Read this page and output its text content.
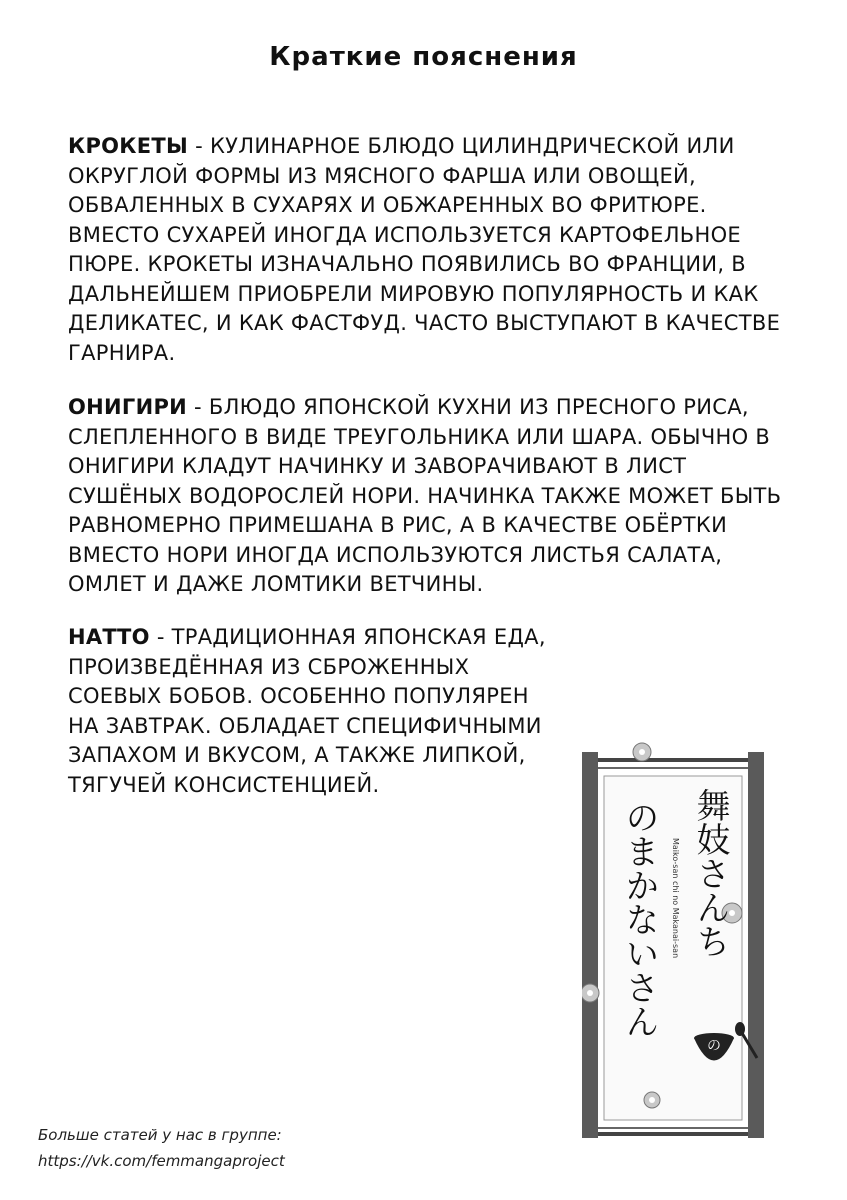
Краткие пояснения
КРОКЕТЫ - КУЛИНАРНОЕ БЛЮДО ЦИЛИНДРИЧЕСКОЙ ИЛИ ОКРУГЛОЙ ФОРМЫ ИЗ МЯСНОГО ФАРША ИЛИ ОВОЩЕЙ, ОБВАЛЕННЫХ В СУХАРЯХ И ОБЖАРЕННЫХ ВО ФРИТЮРЕ. ВМЕСТО СУХАРЕЙ ИНОГДА ИСПОЛЬЗУЕТСЯ КАРТОФЕЛЬНОЕ ПЮРЕ. КРОКЕТЫ ИЗНАЧАЛЬНО ПОЯВИЛИСЬ ВО ФРАНЦИИ, В ДАЛЬНЕЙШЕМ ПРИОБРЕЛИ МИРОВУЮ ПОПУЛЯРНОСТЬ И КАК ДЕЛИКАТЕС, И КАК ФАСТФУД. ЧАСТО ВЫСТУПАЮТ В КАЧЕСТВЕ ГАРНИРА.
ОНИГИРИ - БЛЮДО ЯПОНСКОЙ КУХНИ ИЗ ПРЕСНОГО РИСА, СЛЕПЛЕННОГО В ВИДЕ ТРЕУГОЛЬНИКА ИЛИ ШАРА. ОБЫЧНО В ОНИГИРИ КЛАДУТ НАЧИНКУ И ЗАВОРАЧИВАЮТ В ЛИСТ СУШЁНЫХ ВОДОРОСЛЕЙ НОРИ. НАЧИНКА ТАКЖЕ МОЖЕТ БЫТЬ РАВНОМЕРНО ПРИМЕШАНА В РИС, А В КАЧЕСТВЕ ОБЁРТКИ ВМЕСТО НОРИ ИНОГДА ИСПОЛЬЗУЮТСЯ ЛИСТЬЯ САЛАТА, ОМЛЕТ И ДАЖЕ ЛОМТИКИ ВЕТЧИНЫ.
НАТТО - ТРАДИЦИОННАЯ ЯПОНСКАЯ ЕДА, ПРОИЗВЕДЁННАЯ ИЗ СБРОЖЕННЫХ СОЕВЫХ БОБОВ. ОСОБЕННО ПОПУЛЯРЕН НА ЗАВТРАК. ОБЛАДАЕТ СПЕЦИФИЧНЫМИ ЗАПАХОМ И ВКУСОМ, А ТАКЖЕ ЛИПКОЙ, ТЯГУЧЕЙ КОНСИСТЕНЦИЕЙ.
の
舞妓さんち
のまかないさん	Maiko-san chi no Makanai-san
Больше статей у нас в группе:
https://vk.com/femmangaproject
